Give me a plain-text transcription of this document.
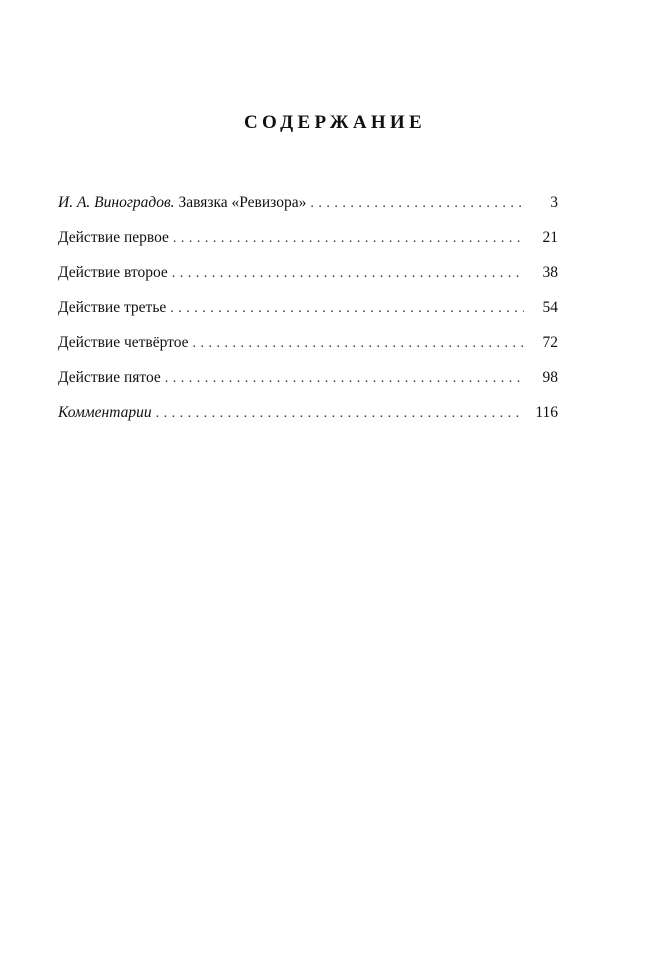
СОДЕРЖАНИЕ
И. А. Виноградов. Завязка «Ревизора» . . .	3
Действие первое . . .	21
Действие второе . . .	38
Действие третье . . .	54
Действие четвёртое . . .	72
Действие пятое . . .	98
Комментарии . . .	116
